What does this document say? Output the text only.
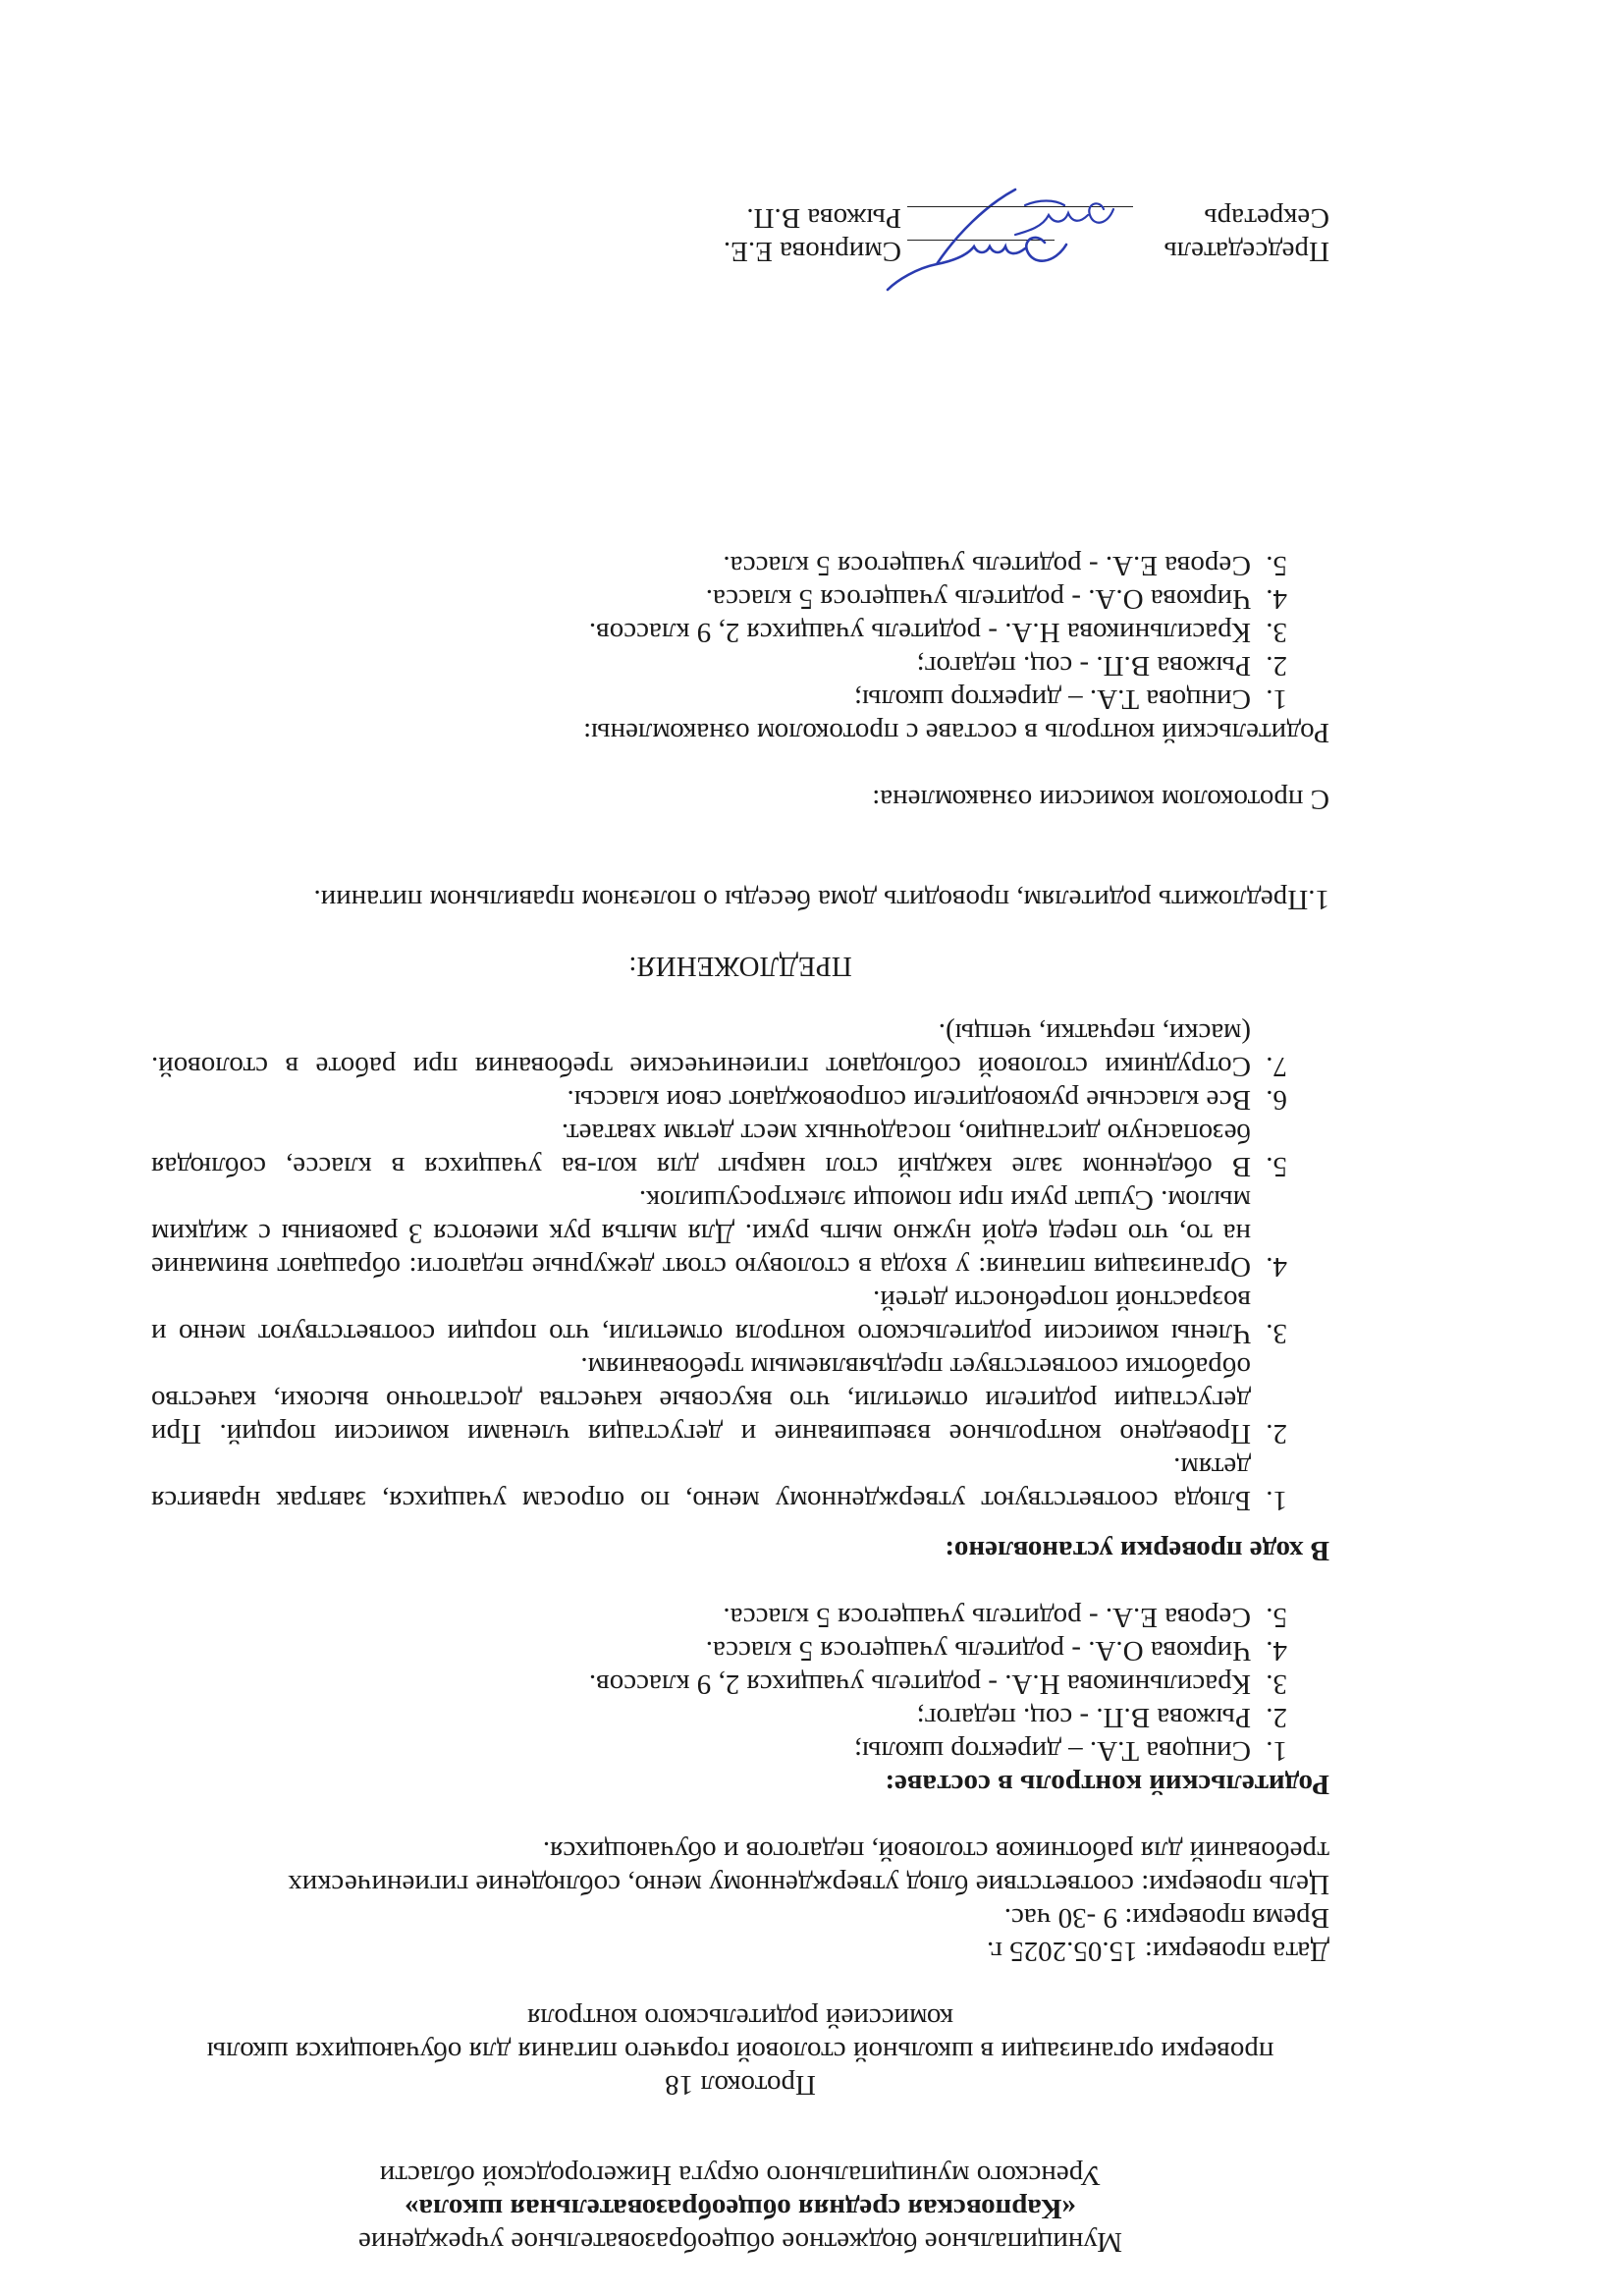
Муниципальное бюджетное общеобразовательное учреждение

«Карповская средняя общеобразовательная школа»

Уренского муниципального округа Нижегородской области

Протокол 18

проверки организации в школьной столовой горячего питания для обучающихся школы

комиссией родительского контроля

Дата проверки: 15.05.2025 г.

Время проверки: 9 -30 час.

Цель проверки: соответствие блюд утвержденному меню, соблюдение гигиенических

требований для работников столовой, педагогов и обучающихся.

Родительский контроль в составе:

1. Синцова Т.А. – директор школы;
2. Рыжова В.П. - соц. педагог;
3. Красильникова Н.А. - родитель учащихся 2, 9 классов.
4. Чиркова О.А. - родитель учащегося 5 класса.
5. Серова Е.А. - родитель учащегося 5 класса.

В ходе проверки установлено:

1. Блюда соответствуют утвержденному меню, по опросам учащихся, завтрак нравится детям.
2. Проведено контрольное взвешивание и дегустация членами комиссии порций. При дегустации родители отметили, что вкусовые качества достаточно высоки, качество обработки соответствует предъявляемым требованиям.
3. Члены комиссии родительского контроля отметили, что порции соответствуют меню и возрастной потребности детей.
4. Организация питания: у входа в столовую стоят дежурные педагоги: обращают внимание на то, что перед едой нужно мыть руки. Для мытья рук имеются 3 раковины с жидким мылом. Сушат руки при помощи электросушилок.
5. В обеденном зале каждый стол накрыт для кол-ва учащихся в классе, соблюдая безопасную дистанцию, посадочных мест детям хватает.
6. Все классные руководители сопровождают свои классы.
7. Сотрудники столовой соблюдают гигиенические требования при работе в столовой. (маски, перчатки, чепцы).

ПРЕДЛОЖЕНИЯ:

1.Предложить родителям, проводить дома беседы о полезном правильном питании.

С протоколом комиссии ознакомлена:

Родительский контроль в составе с протоколом ознакомлены:

1. Синцова Т.А. – директор школы;
2. Рыжова В.П. - соц. педагог;
3. Красильникова Н.А. - родитель учащихся 2, 9 классов.
4. Чиркова О.А. - родитель учащегося 5 класса.
5. Серова Е.А. - родитель учащегося 5 класса.
Председатель
Смирнова Е.Е.
Секретарь
Рыжова В.П.
